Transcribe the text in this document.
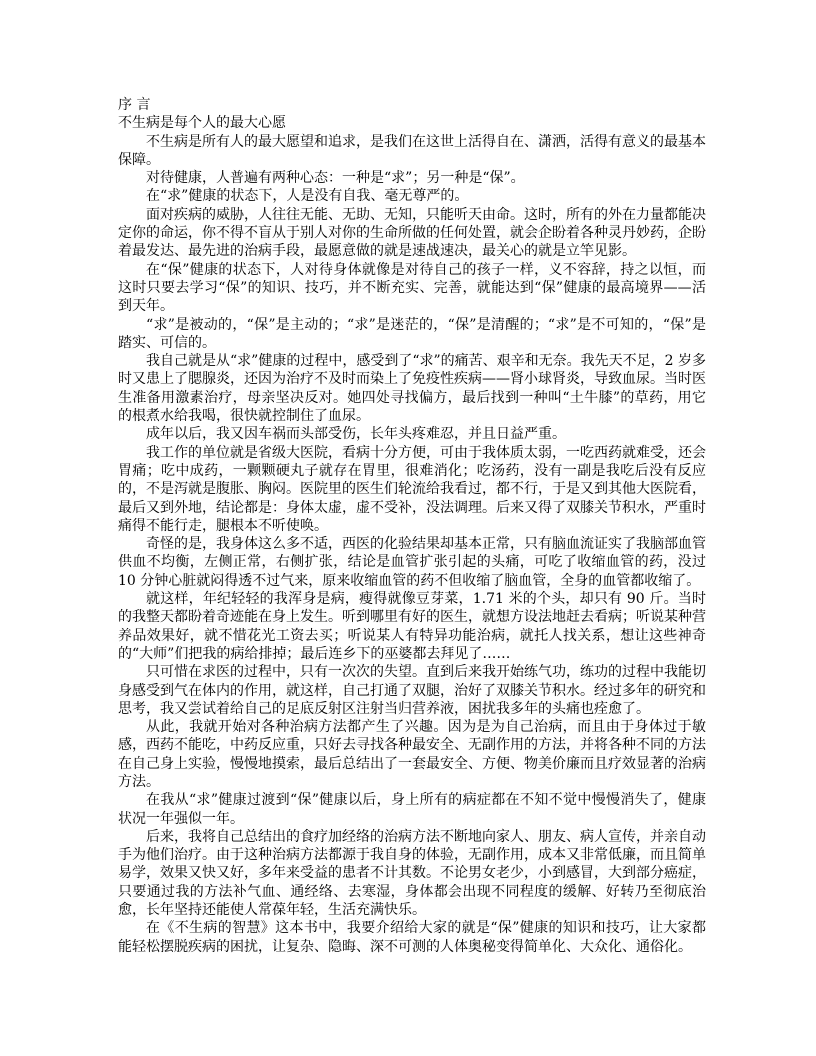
序 言

不生病是每个人的最大心愿

不生病是所有人的最大愿望和追求，是我们在这世上活得自在、潇洒，活得有意义的最基本保障。

对待健康，人普遍有两种心态：一种是“求”；另一种是“保”。

在“求”健康的状态下，人是没有自我、毫无尊严的。

面对疾病的威胁，人往往无能、无助、无知，只能听天由命。这时，所有的外在力量都能决定你的命运，你不得不盲从于别人对你的生命所做的任何处置，就会企盼着各种灵丹妙药，企盼着最发达、最先进的治病手段，最愿意做的就是速战速决，最关心的就是立竿见影。

在“保”健康的状态下，人对待身体就像是对待自己的孩子一样，义不容辞，持之以恒，而这时只要去学习“保”的知识、技巧，并不断充实、完善，就能达到“保”健康的最高境界——活到天年。

“求”是被动的，“保”是主动的；“求”是迷茫的，“保”是清醒的；“求”是不可知的，“保”是踏实、可信的。

我自己就是从“求”健康的过程中，感受到了“求”的痛苦、艰辛和无奈。我先天不足，2 岁多时又患上了腮腺炎，还因为治疗不及时而染上了免疫性疾病——肾小球肾炎，导致血尿。当时医生准备用激素治疗，母亲坚决反对。她四处寻找偏方，最后找到一种叫“土牛膝”的草药，用它的根煮水给我喝，很快就控制住了血尿。

成年以后，我又因车祸而头部受伤，长年头疼难忍，并且日益严重。

我工作的单位就是省级大医院，看病十分方便，可由于我体质太弱，一吃西药就难受，还会胃痛；吃中成药，一颗颗硬丸子就存在胃里，很难消化；吃汤药，没有一副是我吃后没有反应的，不是泻就是腹胀、胸闷。医院里的医生们轮流给我看过，都不行，于是又到其他大医院看，最后又到外地，结论都是：身体太虚，虚不受补，没法调理。后来又得了双膝关节积水，严重时痛得不能行走，腿根本不听使唤。

奇怪的是，我身体这么多不适，西医的化验结果却基本正常，只有脑血流证实了我脑部血管供血不均衡，左侧正常，右侧扩张，结论是血管扩张引起的头痛，可吃了收缩血管的药，没过 10 分钟心脏就闷得透不过气来，原来收缩血管的药不但收缩了脑血管，全身的血管都收缩了。

就这样，年纪轻轻的我浑身是病，瘦得就像豆芽菜，1.71 米的个头，却只有 90 斤。当时的我整天都盼着奇迹能在身上发生。听到哪里有好的医生，就想方设法地赶去看病；听说某种营养品效果好，就不惜花光工资去买；听说某人有特异功能治病，就托人找关系，想让这些神奇的“大师”们把我的病给排掉；最后连乡下的巫婆都去拜见了……

只可惜在求医的过程中，只有一次次的失望。直到后来我开始练气功，练功的过程中我能切身感受到气在体内的作用，就这样，自己打通了双腿，治好了双膝关节积水。经过多年的研究和思考，我又尝试着给自己的足底反射区注射当归营养液，困扰我多年的头痛也痊愈了。

从此，我就开始对各种治病方法都产生了兴趣。因为是为自己治病，而且由于身体过于敏感，西药不能吃，中药反应重，只好去寻找各种最安全、无副作用的方法，并将各种不同的方法在自己身上实验，慢慢地摸索，最后总结出了一套最安全、方便、物美价廉而且疗效显著的治病方法。

在我从“求”健康过渡到“保”健康以后，身上所有的病症都在不知不觉中慢慢消失了，健康状况一年强似一年。

后来，我将自己总结出的食疗加经络的治病方法不断地向家人、朋友、病人宣传，并亲自动手为他们治疗。由于这种治病方法都源于我自身的体验，无副作用，成本又非常低廉，而且简单易学，效果又快又好，多年来受益的患者不计其数。不论男女老少，小到感冒，大到部分癌症，只要通过我的方法补气血、通经络、去寒湿，身体都会出现不同程度的缓解、好转乃至彻底治愈，长年坚持还能使人常葆年轻，生活充满快乐。

在《不生病的智慧》这本书中，我要介绍给大家的就是“保”健康的知识和技巧，让大家都能轻松摆脱疾病的困扰，让复杂、隐晦、深不可测的人体奥秘变得简单化、大众化、通俗化。
